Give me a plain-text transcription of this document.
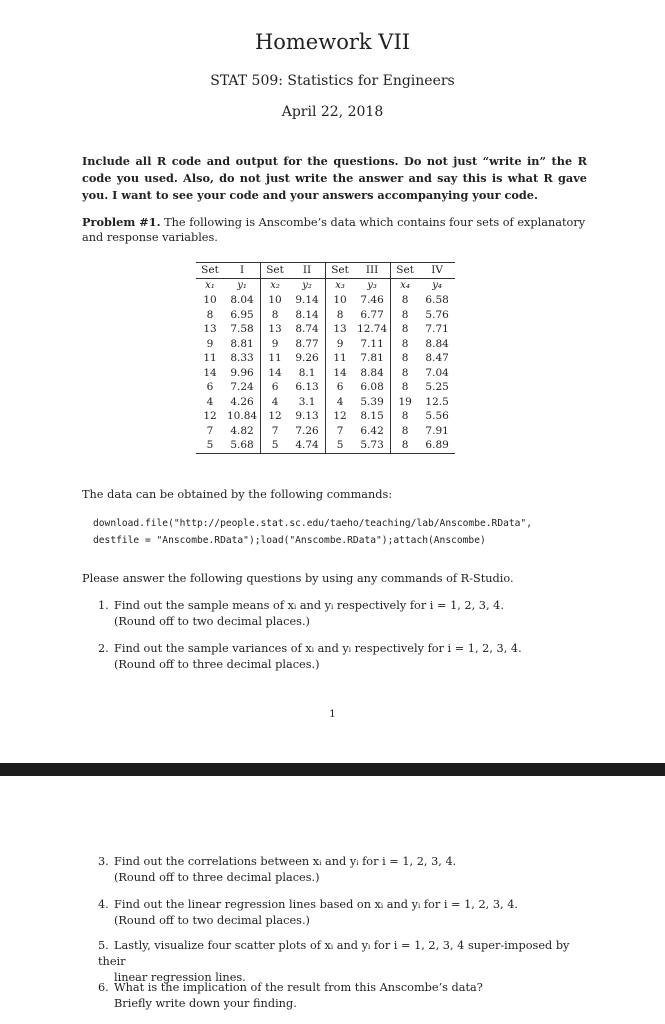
Homework VII
STAT 509: Statistics for Engineers
April 22, 2018
Include all R code and output for the questions. Do not just “write in” the R code you used. Also, do not just write the answer and say this is what R gave you. I want to see your code and your answers accompanying your code.
Problem #1. The following is Anscombe’s data which contains four sets of explanatory and response variables.
Set	I	Set	II	Set	III	Set	IV
x₁	y₁	x₂	y₂	x₃	y₃	x₄	y₄
10	8.04	10	9.14	10	7.46	8	6.58
8	6.95	8	8.14	8	6.77	8	5.76
13	7.58	13	8.74	13	12.74	8	7.71
9	8.81	9	8.77	9	7.11	8	8.84
11	8.33	11	9.26	11	7.81	8	8.47
14	9.96	14	8.1	14	8.84	8	7.04
6	7.24	6	6.13	6	6.08	8	5.25
4	4.26	4	3.1	4	5.39	19	12.5
12	10.84	12	9.13	12	8.15	8	5.56
7	4.82	7	7.26	7	6.42	8	7.91
5	5.68	5	4.74	5	5.73	8	6.89
The data can be obtained by the following commands:
download.file("http://people.stat.sc.edu/taeho/teaching/lab/Anscombe.RData",
destfile = "Anscombe.RData");load("Anscombe.RData");attach(Anscombe)
Please answer the following questions by using any commands of R-Studio.
1. Find out the sample means of xᵢ and yᵢ respectively for i = 1, 2, 3, 4.
(Round off to two decimal places.)
2. Find out the sample variances of xᵢ and yᵢ respectively for i = 1, 2, 3, 4.
(Round off to three decimal places.)
1
3. Find out the correlations between xᵢ and yᵢ for i = 1, 2, 3, 4.
(Round off to three decimal places.)
4. Find out the linear regression lines based on xᵢ and yᵢ for i = 1, 2, 3, 4.
(Round off to two decimal places.)
5. Lastly, visualize four scatter plots of xᵢ and yᵢ for i = 1, 2, 3, 4 super-imposed by their
linear regression lines.
6. What is the implication of the result from this Anscombe’s data?
Briefly write down your finding.
